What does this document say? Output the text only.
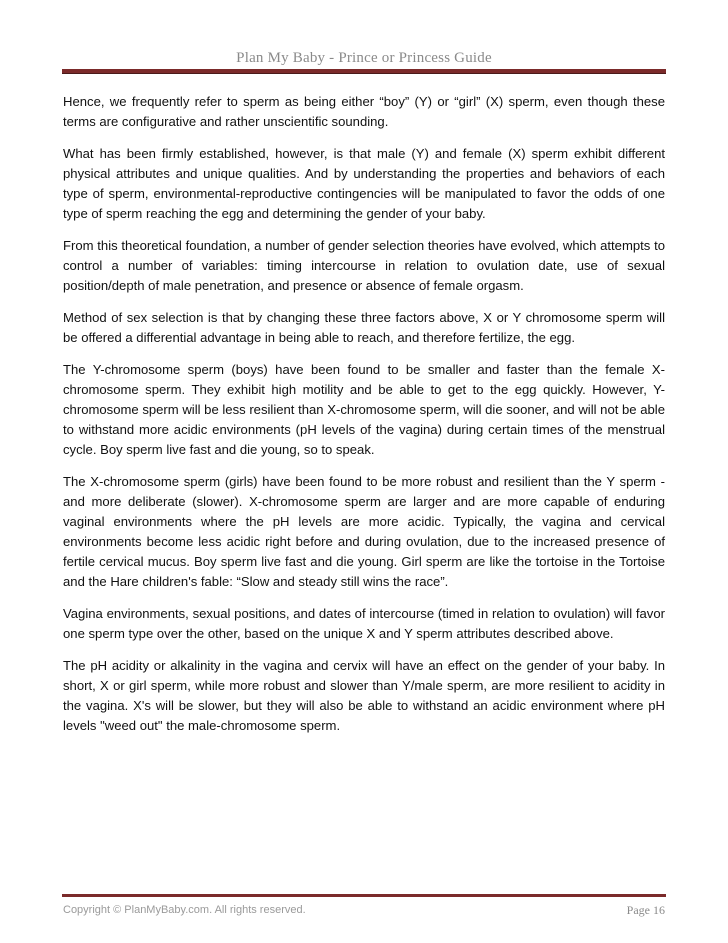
Plan My Baby - Prince or Princess Guide

Hence, we frequently refer to sperm as being either “boy” (Y) or “girl” (X) sperm, even though these terms are configurative and rather unscientific sounding.

What has been firmly established, however, is that male (Y) and female (X) sperm exhibit different physical attributes and unique qualities. And by understanding the properties and behaviors of each type of sperm, environmental-reproductive contingencies will be manipulated to favor the odds of one type of sperm reaching the egg and determining the gender of your baby.

From this theoretical foundation, a number of gender selection theories have evolved, which attempts to control a number of variables: timing intercourse in relation to ovulation date, use of sexual position/depth of male penetration, and presence or absence of female orgasm.

Method of sex selection is that by changing these three factors above, X or Y chromosome sperm will be offered a differential advantage in being able to reach, and therefore fertilize, the egg.

The Y-chromosome sperm (boys) have been found to be smaller and faster than the female X-chromosome sperm. They exhibit high motility and be able to get to the egg quickly. However, Y-chromosome sperm will be less resilient than X-chromosome sperm, will die sooner, and will not be able to withstand more acidic environments (pH levels of the vagina) during certain times of the menstrual cycle. Boy sperm live fast and die young, so to speak.

The X-chromosome sperm (girls) have been found to be more robust and resilient than the Y sperm - and more deliberate (slower). X-chromosome sperm are larger and are more capable of enduring vaginal environments where the pH levels are more acidic. Typically, the vagina and cervical environments become less acidic right before and during ovulation, due to the increased presence of fertile cervical mucus. Boy sperm live fast and die young. Girl sperm are like the tortoise in the Tortoise and the Hare children's fable: “Slow and steady still wins the race”.

Vagina environments, sexual positions, and dates of intercourse (timed in relation to ovulation) will favor one sperm type over the other, based on the unique X and Y sperm attributes described above.

The pH acidity or alkalinity in the vagina and cervix will have an effect on the gender of your baby. In short, X or girl sperm, while more robust and slower than Y/male sperm, are more resilient to acidity in the vagina. X's will be slower, but they will also be able to withstand an acidic environment where pH levels "weed out" the male-chromosome sperm.

Copyright © PlanMyBaby.com. All rights reserved.	Page 16
